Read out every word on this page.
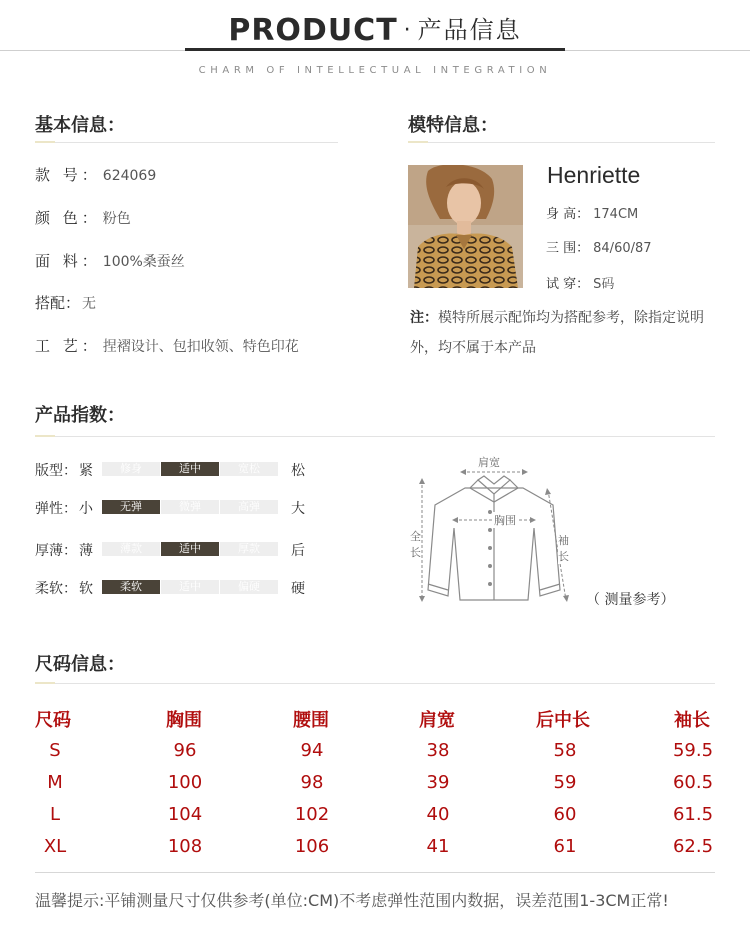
PRODUCT · 产品信息
CHARM OF INTELLECTUAL INTEGRATION
基本信息：
款 号： 624069
颜 色： 粉色
面 料： 100%桑蚕丝
搭配： 无
工 艺： 捏褶设计、包扣收领、特色印花
模特信息：
Henriette
身 高： 174CM
三 围： 84/60/87
试 穿： S码
注：模特所展示配饰均为搭配参考，除指定说明外，均不属于本产品
产品指数：
版型： 紧	修身	适中	宽松	松
弹性： 小	无弹	微弹	高弹	大
厚薄： 薄	薄款	适中	厚款	后
柔软： 软	柔软	适中	偏硬	硬
肩宽
胸围
全
长
袖
长
（ 测量参考）
尺码信息：
尺码	胸围	腰围	肩宽	后中长	袖长
S	96	94	38	58	59.5
M	100	98	39	59	60.5
L	104	102	40	60	61.5
XL	108	106	41	61	62.5
温馨提示:平铺测量尺寸仅供参考(单位:CM)不考虑弹性范围内数据，误差范围1-3CM正常!
